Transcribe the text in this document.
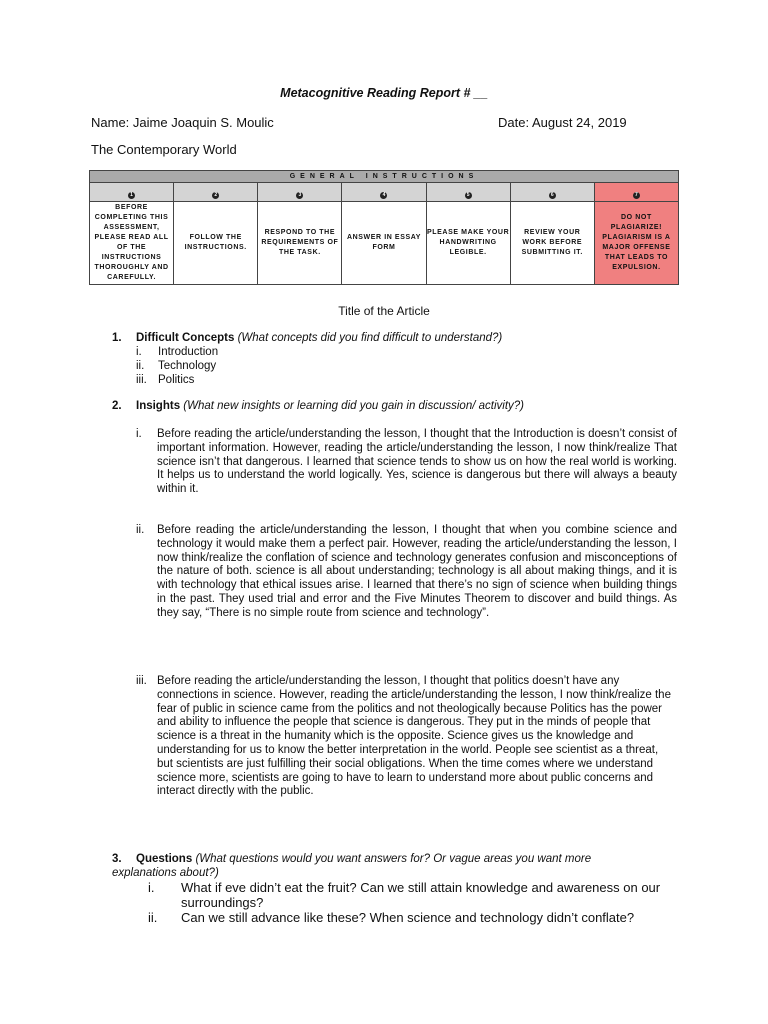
Metacognitive Reading Report # __
Name: Jaime Joaquin S. Moulic	Date: August 24, 2019
The Contemporary World
GENERAL INSTRUCTIONS						
1	2	3	4	5	6	7
BEFORE COMPLETING THIS ASSESSMENT, PLEASE READ ALL OF THE INSTRUCTIONS THOROUGHLY AND CAREFULLY.	FOLLOW THE INSTRUCTIONS.	RESPOND TO THE REQUIREMENTS OF THE TASK.	ANSWER IN ESSAY FORM	PLEASE MAKE YOUR HANDWRITING LEGIBLE.	REVIEW YOUR WORK BEFORE SUBMITTING IT.	DO NOT PLAGIARIZE! PLAGIARISM IS A MAJOR OFFENSE THAT LEADS TO EXPULSION.
Title of the Article
1. Difficult Concepts (What concepts did you find difficult to understand?)
i. Introduction
ii. Technology
iii. Politics
2. Insights (What new insights or learning did you gain in discussion/ activity?)
i. Before reading the article/understanding the lesson, I thought that the Introduction is doesn’t consist of important information. However, reading the article/understanding the lesson, I now think/realize That science isn’t that dangerous. I learned that science tends to show us on how the real world is working. It helps us to understand the world logically. Yes, science is dangerous but there will always a beauty within it.
ii. Before reading the article/understanding the lesson, I thought that when you combine science and technology it would make them a perfect pair. However, reading the article/understanding the lesson, I now think/realize the conflation of science and technology generates confusion and misconceptions of the nature of both. science is all about understanding; technology is all about making things, and it is with technology that ethical issues arise. I learned that there’s no sign of science when building things in the past. They used trial and error and the Five Minutes Theorem to discover and build things. As they say, “There is no simple route from science and technology”.
iii. Before reading the article/understanding the lesson, I thought that politics doesn’t have any connections in science. However, reading the article/understanding the lesson, I now think/realize the fear of public in science came from the politics and not theologically because Politics has the power and ability to influence the people that science is dangerous. They put in the minds of people that science is a threat in the humanity which is the opposite. Science gives us the knowledge and understanding for us to know the better interpretation in the world. People see scientist as a threat, but scientists are just fulfilling their social obligations. When the time comes where we understand science more, scientists are going to have to learn to understand more about public concerns and interact directly with the public.
3. Questions (What questions would you want answers for? Or vague areas you want more explanations about?)
i. What if eve didn’t eat the fruit? Can we still attain knowledge and awareness on our surroundings?
ii. Can we still advance like these? When science and technology didn’t conflate?
